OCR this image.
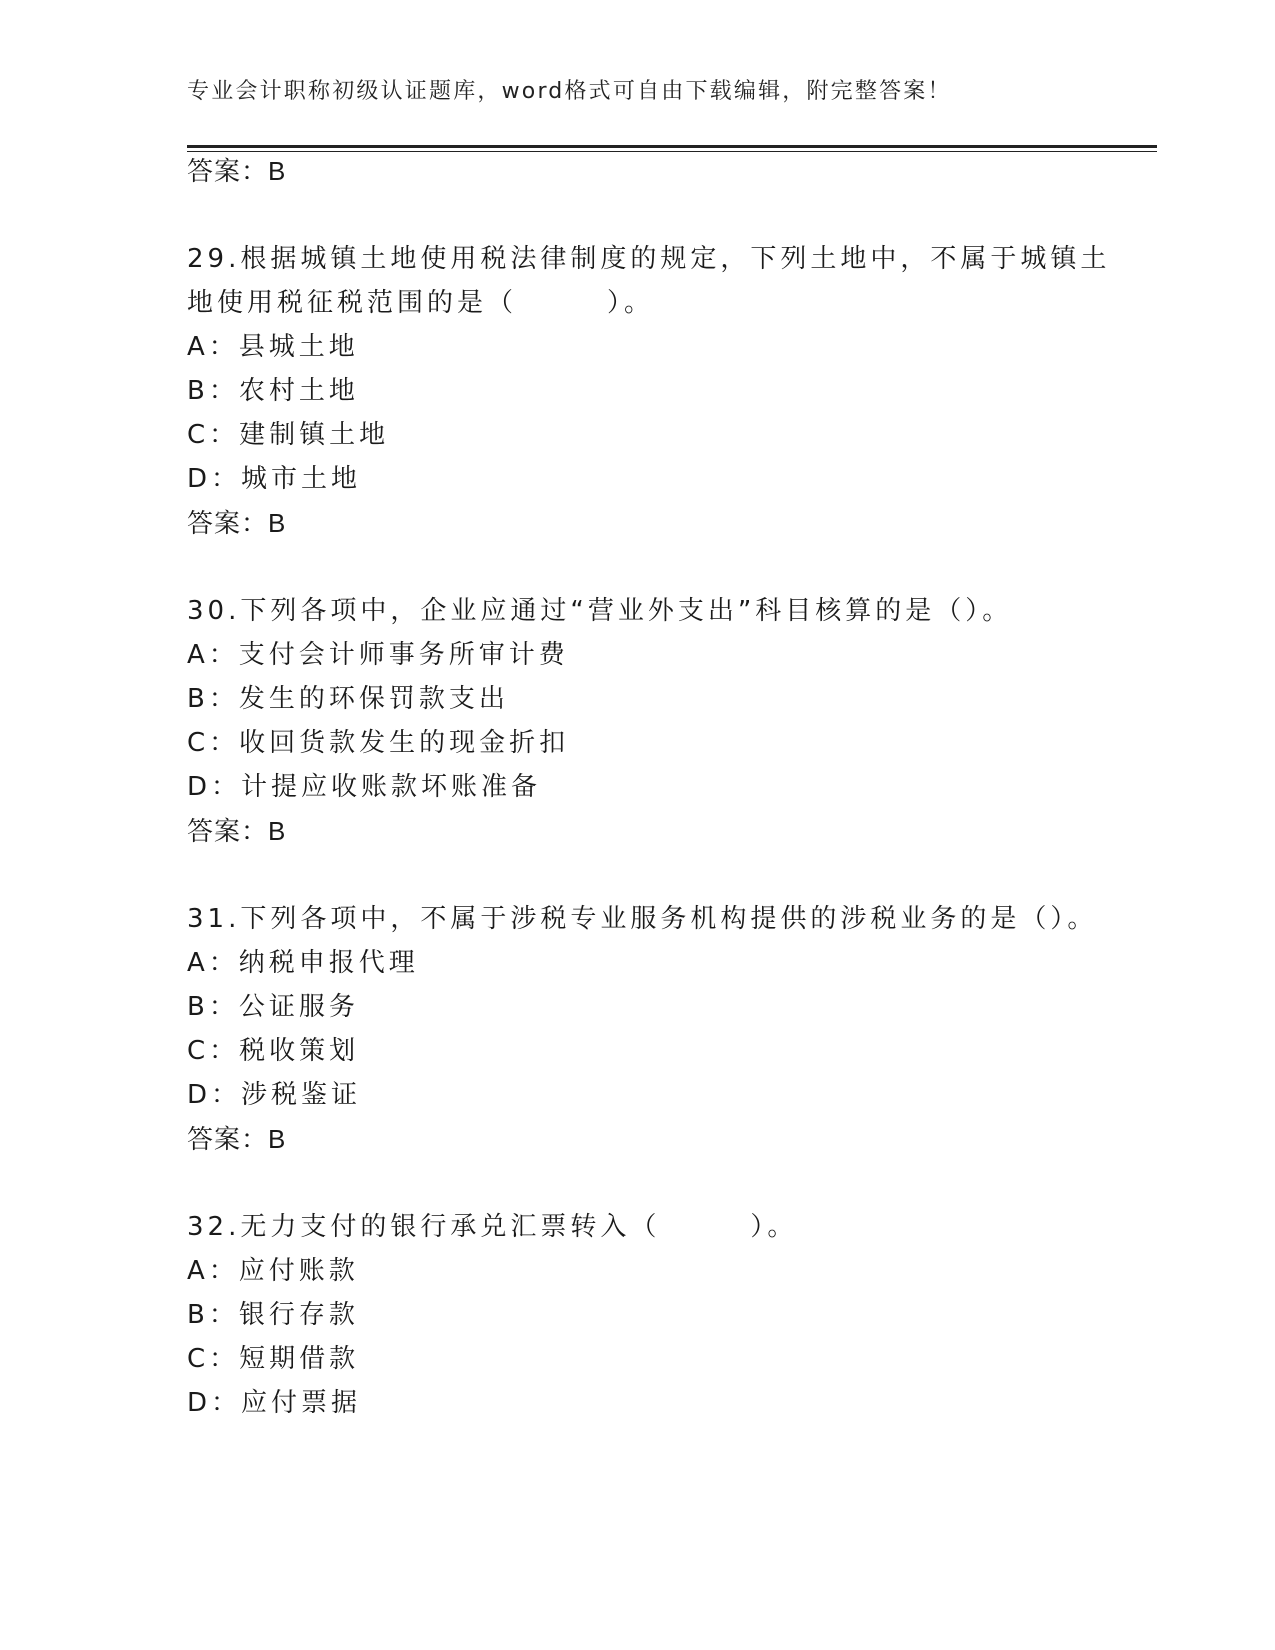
专业会计职称初级认证题库，word格式可自由下载编辑，附完整答案！
答案：B
29.根据城镇土地使用税法律制度的规定，下列土地中，不属于城镇土
地使用税征税范围的是（　　　）。
A：县城土地
B：农村土地
C：建制镇土地
D：城市土地
答案：B
30.下列各项中，企业应通过“营业外支出”科目核算的是（）。
A：支付会计师事务所审计费
B：发生的环保罚款支出
C：收回货款发生的现金折扣
D：计提应收账款坏账准备
答案：B
31.下列各项中，不属于涉税专业服务机构提供的涉税业务的是（）。
A：纳税申报代理
B：公证服务
C：税收策划
D：涉税鉴证
答案：B
32.无力支付的银行承兑汇票转入（　　　）。
A：应付账款
B：银行存款
C：短期借款
D：应付票据
